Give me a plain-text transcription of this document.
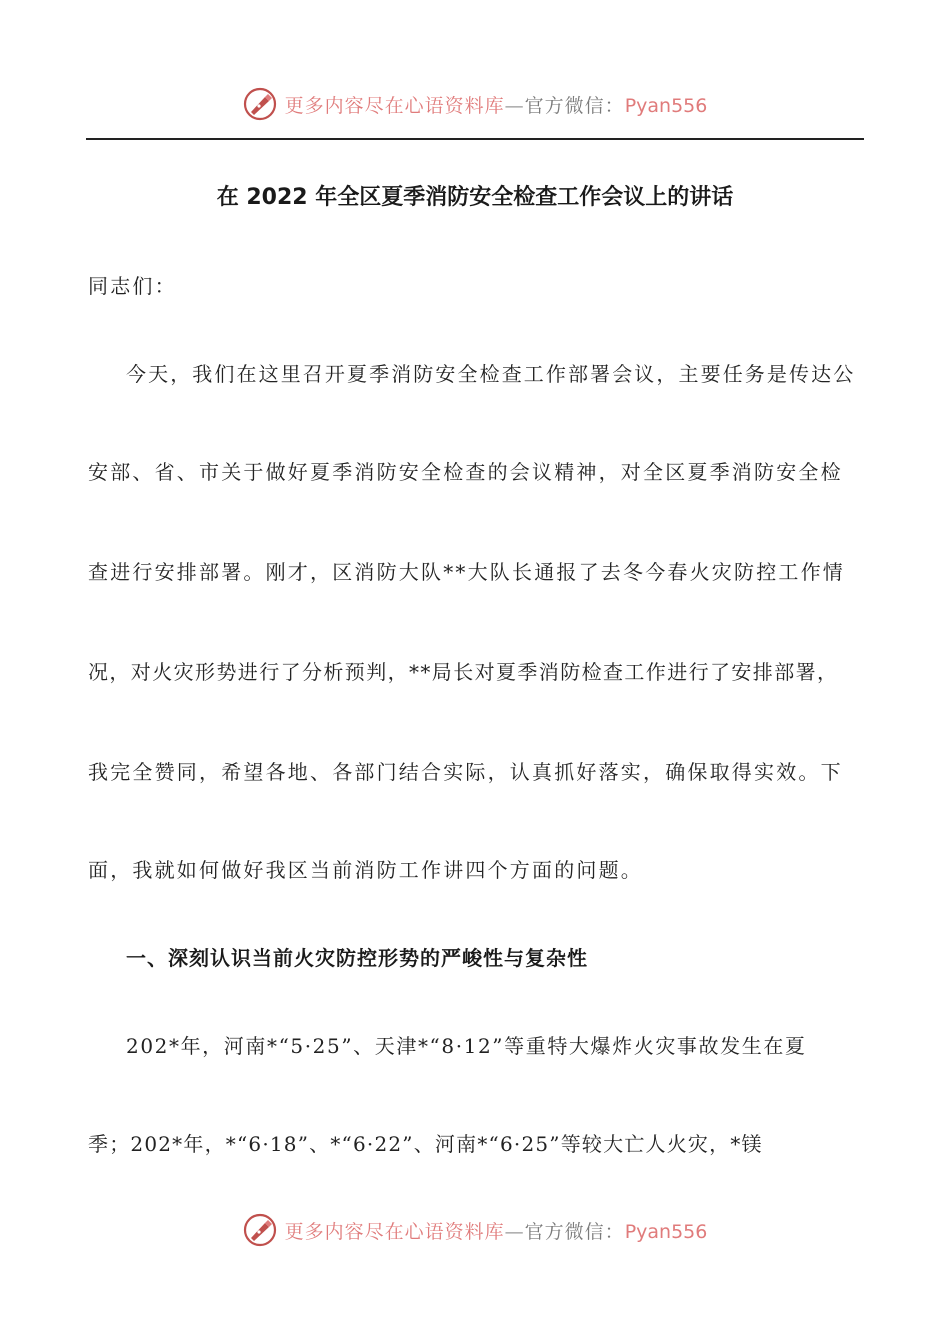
更多内容尽在心语资料库—官方微信：Pyan556
在 2022 年全区夏季消防安全检查工作会议上的讲话
同志们：
今天，我们在这里召开夏季消防安全检查工作部署会议，主要任务是传达公
安部、省、市关于做好夏季消防安全检查的会议精神，对全区夏季消防安全检
查进行安排部署。刚才，区消防大队**大队长通报了去冬今春火灾防控工作情
况，对火灾形势进行了分析预判，**局长对夏季消防检查工作进行了安排部署，
我完全赞同，希望各地、各部门结合实际，认真抓好落实，确保取得实效。下
面，我就如何做好我区当前消防工作讲四个方面的问题。
一、深刻认识当前火灾防控形势的严峻性与复杂性
202*年，河南*“5·25”、天津*“8·12”等重特大爆炸火灾事故发生在夏
季；202*年，*“6·18”、*“6·22”、河南*“6·25”等较大亡人火灾，*镁
更多内容尽在心语资料库—官方微信：Pyan556
